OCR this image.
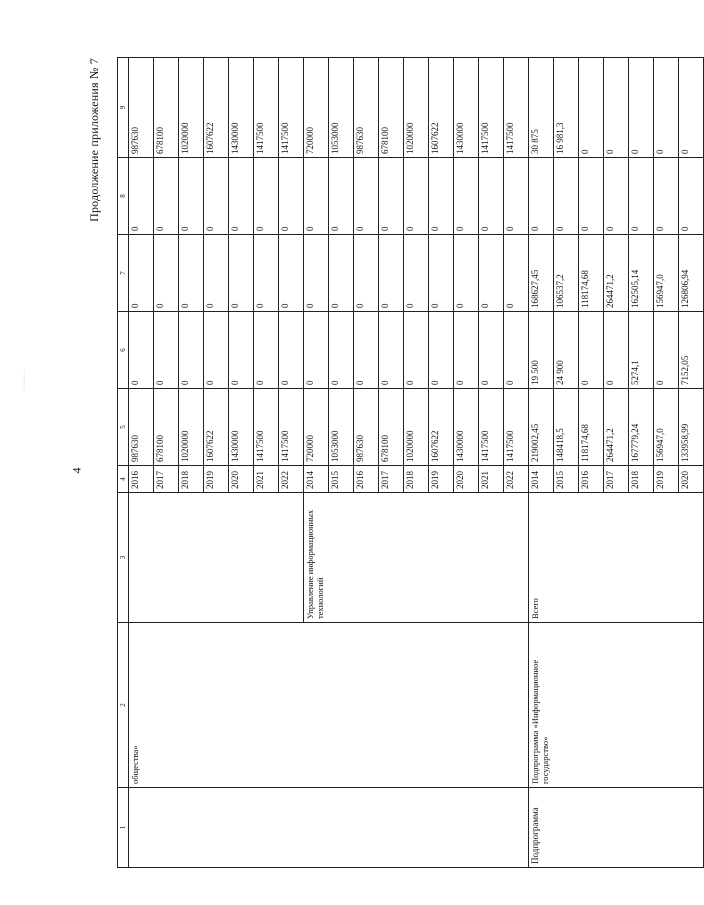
4
·· ·· ···· ·
Продолжение приложения № 7
1	2	3	4	5	6	7	8	9
	общества»		2016	987630	0	0	0	987630
			2017	678100	0	0	0	678100
			2018	1020000	0	0	0	1020000
			2019	1607622	0	0	0	1607622
			2020	1430000	0	0	0	1430000
			2021	1417500	0	0	0	1417500
			2022	1417500	0	0	0	1417500
		Управление информационных технологий	2014	720000	0	0	0	720000
			2015	1053000	0	0	0	1053000
			2016	987630	0	0	0	987630
			2017	678100	0	0	0	678100
			2018	1020000	0	0	0	1020000
			2019	1607622	0	0	0	1607622
			2020	1430000	0	0	0	1430000
			2021	1417500	0	0	0	1417500
			2022	1417500	0	0	0	1417500
Подпрограмма	Подпрограмма «Информационное государство»	Всего	2014	219002,45	19 500	168627,45	0	30 875
			2015	148418,5	24 900	106537,2	0	16 981,3
			2016	118174,68	0	118174,68	0	0
			2017	264471,2	0	264471,2	0	0
			2018	167779,24	5274,1	162505,14	0	0
			2019	156947,0	0	156947,0	0	0
			2020	133958,99	7152,05	126806,94	0	0
